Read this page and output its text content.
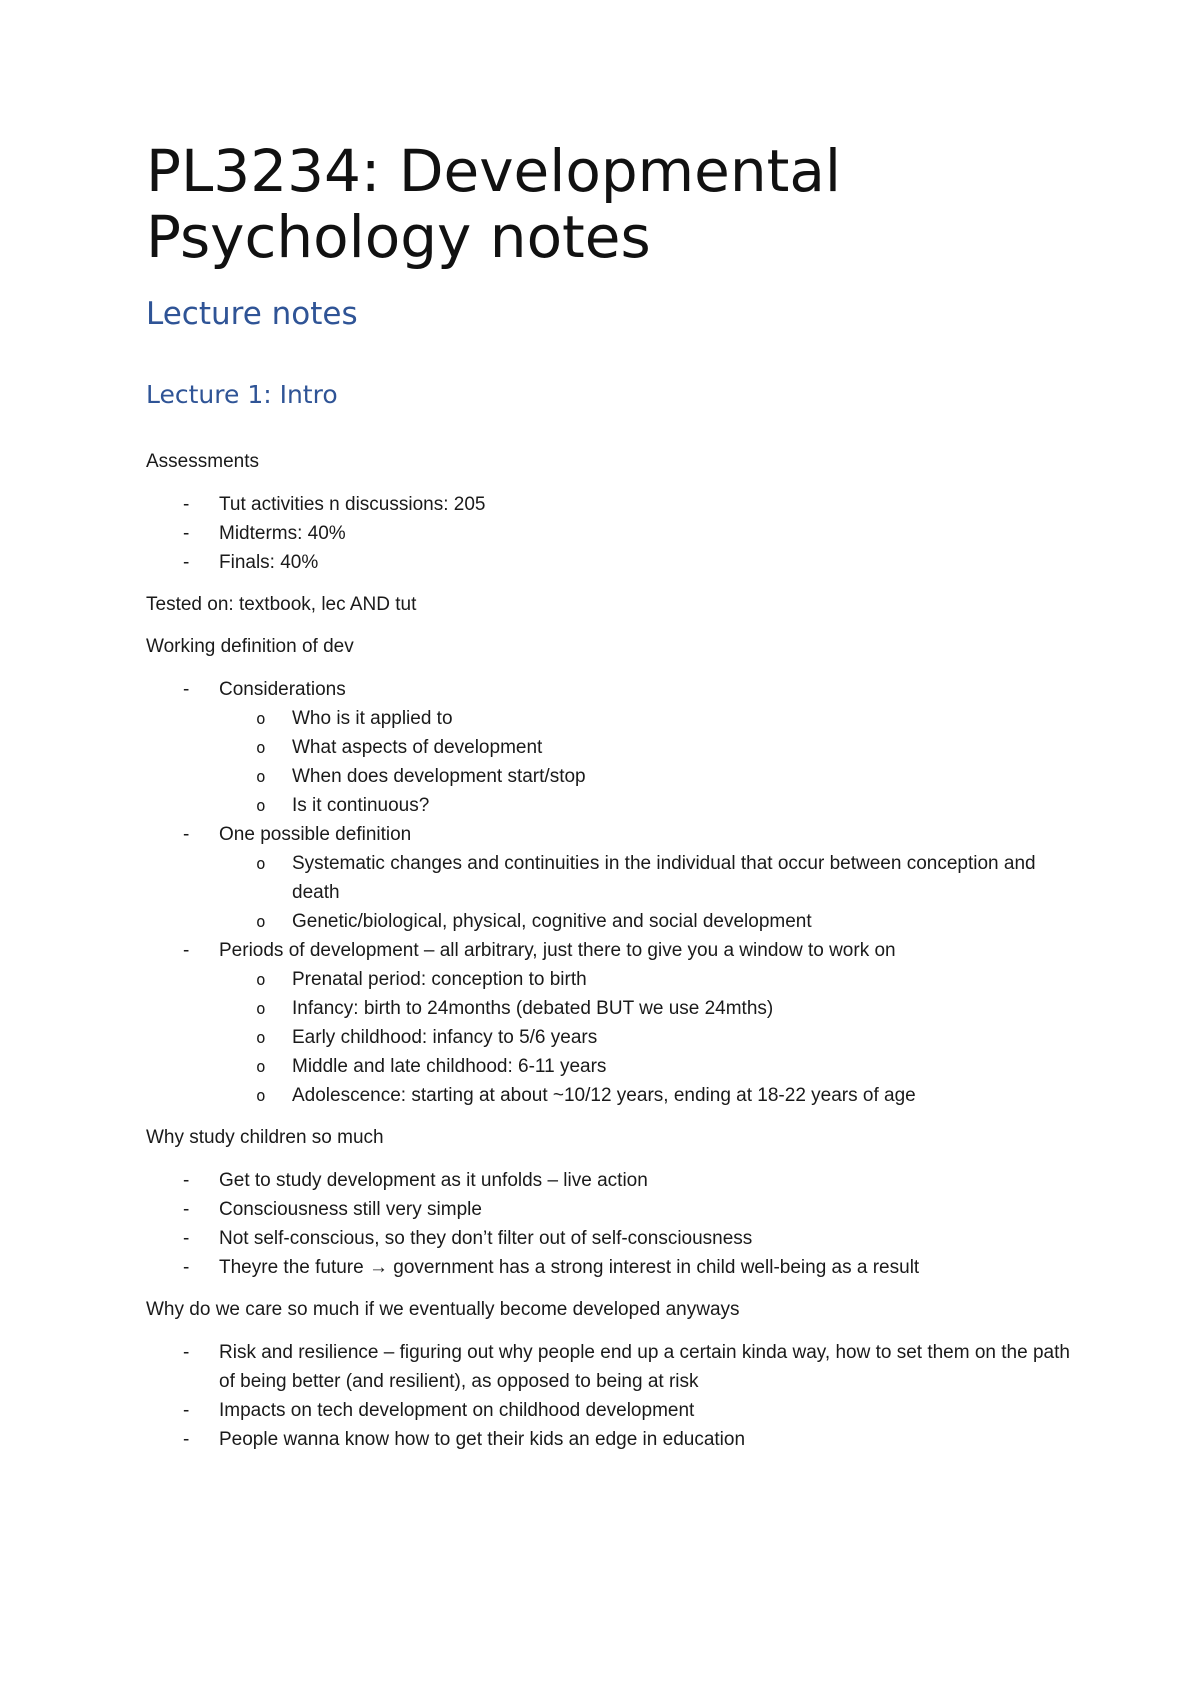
PL3234: Developmental
Psychology notes
Lecture notes
Lecture 1: Intro

Assessments

- Tut activities n discussions: 205
- Midterms: 40%
- Finals: 40%

Tested on: textbook, lec AND tut

Working definition of dev

- Considerations
o Who is it applied to
o What aspects of development
o When does development start/stop
o Is it continuous?
- One possible definition
o Systematic changes and continuities in the individual that occur between conception and death
o Genetic/biological, physical, cognitive and social development
- Periods of development – all arbitrary, just there to give you a window to work on
o Prenatal period: conception to birth
o Infancy: birth to 24months (debated BUT we use 24mths)
o Early childhood: infancy to 5/6 years
o Middle and late childhood: 6-11 years
o Adolescence: starting at about ~10/12 years, ending at 18-22 years of age

Why study children so much

- Get to study development as it unfolds – live action
- Consciousness still very simple
- Not self-conscious, so they don’t filter out of self-consciousness
- Theyre the future → government has a strong interest in child well-being as a result

Why do we care so much if we eventually become developed anyways

- Risk and resilience – figuring out why people end up a certain kinda way, how to set them on the path of being better (and resilient), as opposed to being at risk
- Impacts on tech development on childhood development
- People wanna know how to get their kids an edge in education
